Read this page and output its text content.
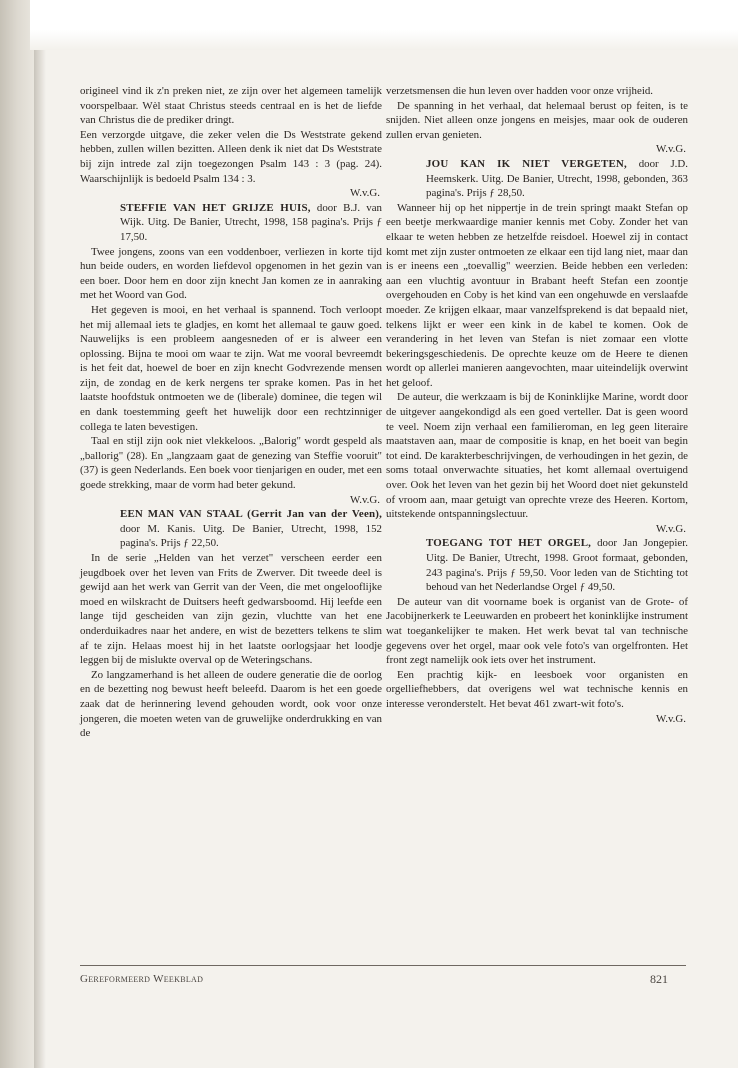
origineel vind ik z'n preken niet, ze zijn over het algemeen tamelijk voorspelbaar. Wèl staat Christus steeds centraal en is het de liefde van Christus die de prediker dringt.

Een verzorgde uitgave, die zeker velen die Ds Weststrate gekend hebben, zullen willen bezitten. Alleen denk ik niet dat Ds Weststrate bij zijn intrede zal zijn toegezongen Psalm 143 : 3 (pag. 24). Waarschijnlijk is bedoeld Psalm 134 : 3.

W.v.G.

STEFFIE VAN HET GRIJZE HUIS, door B.J. van Wijk. Uitg. De Banier, Utrecht, 1998, 158 pagina's. Prijs ƒ 17,50.

Twee jongens, zoons van een voddenboer, verliezen in korte tijd hun beide ouders, en worden liefdevol opgenomen in het gezin van een boer. Door hem en door zijn knecht Jan komen ze in aanraking met het Woord van God.

Het gegeven is mooi, en het verhaal is spannend. Toch verloopt het mij allemaal iets te gladjes, en komt het allemaal te gauw goed. Nauwelijks is een probleem aangesneden of er is alweer een oplossing. Bijna te mooi om waar te zijn. Wat me vooral bevreemdt is het feit dat, hoewel de boer en zijn knecht Godvrezende mensen zijn, de zondag en de kerk nergens ter sprake komen. Pas in het laatste hoofdstuk ontmoeten we de (liberale) dominee, die tegen wil en dank toestemming geeft het huwelijk door een rechtzinniger collega te laten bevestigen.

Taal en stijl zijn ook niet vlekkeloos. „Balorig" wordt gespeld als „ballorig" (28). En „langzaam gaat de genezing van Steffie vooruit" (37) is geen Nederlands. Een boek voor tienjarigen en ouder, met een goede strekking, maar de vorm had beter gekund.

W.v.G.

EEN MAN VAN STAAL (Gerrit Jan van der Veen), door M. Kanis. Uitg. De Banier, Utrecht, 1998, 152 pagina's. Prijs ƒ 22,50.

In de serie „Helden van het verzet" verscheen eerder een jeugdboek over het leven van Frits de Zwerver. Dit tweede deel is gewijd aan het werk van Gerrit van der Veen, die met ongelooflijke moed en wilskracht de Duitsers heeft gedwarsboomd. Hij leefde een lange tijd gescheiden van zijn gezin, vluchtte van het ene onderduikadres naar het andere, en wist de bezetters telkens te slim af te zijn. Helaas moest hij in het laatste oorlogsjaar het loodje leggen bij de mislukte overval op de Weteringschans.

Zo langzamerhand is het alleen de oudere generatie die de oorlog en de bezetting nog bewust heeft beleefd. Daarom is het een goede zaak dat de herinnering levend gehouden wordt, ook voor onze jongeren, die moeten weten van de gruwelijke onderdrukking en van de

verzetsmensen die hun leven over hadden voor onze vrijheid.

De spanning in het verhaal, dat helemaal berust op feiten, is te snijden. Niet alleen onze jongens en meisjes, maar ook de ouderen zullen ervan genieten.

W.v.G.

JOU KAN IK NIET VERGETEN, door J.D. Heemskerk. Uitg. De Banier, Utrecht, 1998, gebonden, 363 pagina's. Prijs ƒ 28,50.

Wanneer hij op het nippertje in de trein springt maakt Stefan op een beetje merkwaardige manier kennis met Coby. Zonder het van elkaar te weten hebben ze hetzelfde reisdoel. Hoewel zij in contact komt met zijn zuster ontmoeten ze elkaar een tijd lang niet, maar dan is er ineens een „toevallig" weerzien. Beide hebben een verleden: aan een vluchtig avontuur in Brabant heeft Stefan een zoontje overgehouden en Coby is het kind van een ongehuwde en verslaafde moeder. Ze krijgen elkaar, maar vanzelfsprekend is dat bepaald niet, telkens lijkt er weer een kink in de kabel te komen. Ook de verandering in het leven van Stefan is niet zomaar een vlotte bekeringsgeschiedenis. De oprechte keuze om de Heere te dienen wordt op allerlei manieren aangevochten, maar uiteindelijk overwint het geloof.

De auteur, die werkzaam is bij de Koninklijke Marine, wordt door de uitgever aangekondigd als een goed verteller. Dat is geen woord te veel. Noem zijn verhaal een familieroman, en leg geen literaire maatstaven aan, maar de compositie is knap, en het boeit van begin tot eind. De karakterbeschrijvingen, de verhoudingen in het gezin, de soms totaal onverwachte situaties, het komt allemaal overtuigend over. Ook het leven van het gezin bij het Woord doet niet gekunsteld of vroom aan, maar getuigt van oprechte vreze des Heeren. Kortom, uitstekende ontspanningslectuur.

W.v.G.

TOEGANG TOT HET ORGEL, door Jan Jongepier. Uitg. De Banier, Utrecht, 1998. Groot formaat, gebonden, 243 pagina's. Prijs ƒ 59,50. Voor leden van de Stichting tot behoud van het Nederlandse Orgel ƒ 49,50.

De auteur van dit voorname boek is organist van de Grote- of Jacobijnerkerk te Leeuwarden en probeert het koninklijke instrument wat toegankelijker te maken. Het werk bevat tal van technische gegevens over het orgel, maar ook vele foto's van orgelfronten. Het front zegt namelijk ook iets over het instrument.

Een prachtig kijk- en leesboek voor organisten en orgelliefhebbers, dat overigens wel wat technische kennis en interesse veronderstelt. Het bevat 461 zwart-wit foto's.

W.v.G.

Gereformeerd Weekblad	821
